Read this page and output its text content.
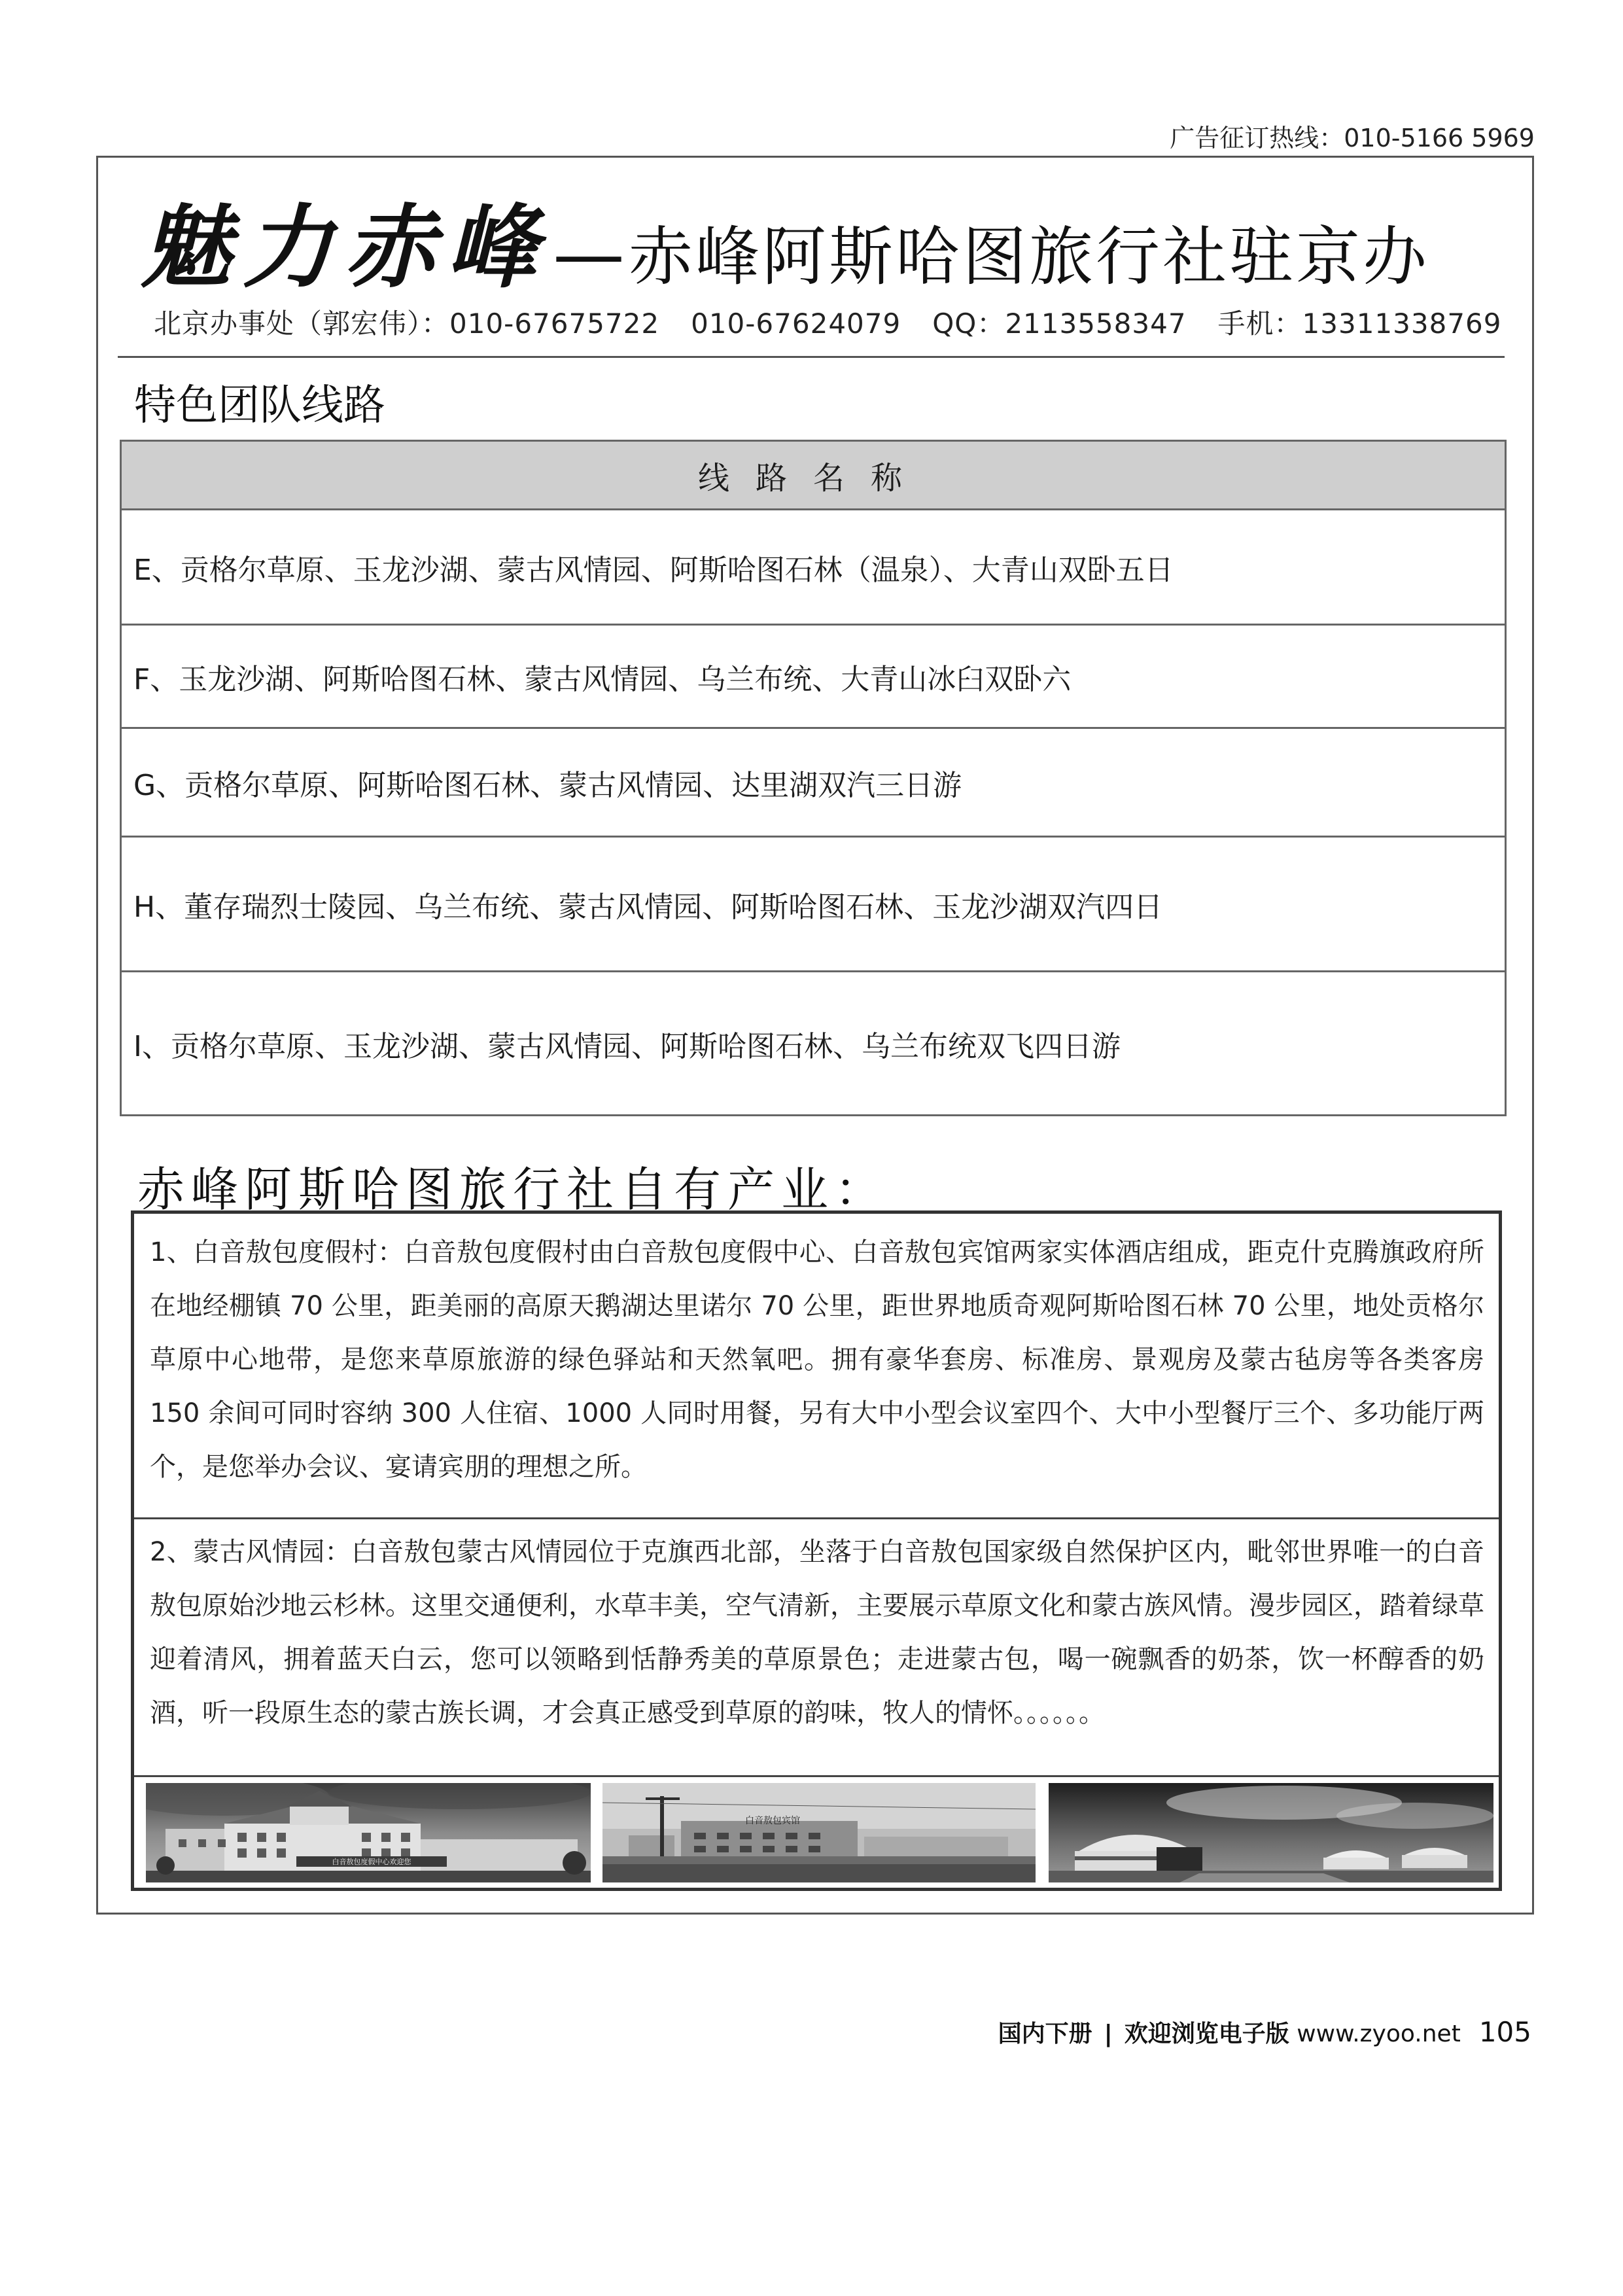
广告征订热线：010-5166 5969
魅力赤峰—赤峰阿斯哈图旅行社驻京办
北京办事处（郭宏伟）：010-67675722 010-67624079 QQ：2113558347 手机：13311338769
特色团队线路
线路名称
E、贡格尔草原、玉龙沙湖、蒙古风情园、阿斯哈图石林（温泉）、大青山双卧五日
F、玉龙沙湖、阿斯哈图石林、蒙古风情园、乌兰布统、大青山冰臼双卧六
G、贡格尔草原、阿斯哈图石林、蒙古风情园、达里湖双汽三日游
H、董存瑞烈士陵园、乌兰布统、蒙古风情园、阿斯哈图石林、玉龙沙湖双汽四日
I、贡格尔草原、玉龙沙湖、蒙古风情园、阿斯哈图石林、乌兰布统双飞四日游
赤峰阿斯哈图旅行社自有产业：
1、白音敖包度假村：白音敖包度假村由白音敖包度假中心、白音敖包宾馆两家实体酒店组成，距克什克腾旗政府所在地经棚镇 70 公里，距美丽的高原天鹅湖达里诺尔 70 公里，距世界地质奇观阿斯哈图石林 70 公里，地处贡格尔草原中心地带，是您来草原旅游的绿色驿站和天然氧吧。拥有豪华套房、标准房、景观房及蒙古毡房等各类客房 150 余间可同时容纳 300 人住宿、1000 人同时用餐，另有大中小型会议室四个、大中小型餐厅三个、多功能厅两个，是您举办会议、宴请宾朋的理想之所。
2、蒙古风情园：白音敖包蒙古风情园位于克旗西北部，坐落于白音敖包国家级自然保护区内，毗邻世界唯一的白音敖包原始沙地云杉林。这里交通便利，水草丰美，空气清新，主要展示草原文化和蒙古族风情。漫步园区，踏着绿草迎着清风，拥着蓝天白云，您可以领略到恬静秀美的草原景色；走进蒙古包，喝一碗飘香的奶茶，饮一杯醇香的奶酒，听一段原生态的蒙古族长调，才会真正感受到草原的韵味，牧人的情怀。。。。。。
白音敖包度假中心欢迎您
白音敖包宾馆
国内下册 | 欢迎浏览电子版 www.zyoo.net 105
